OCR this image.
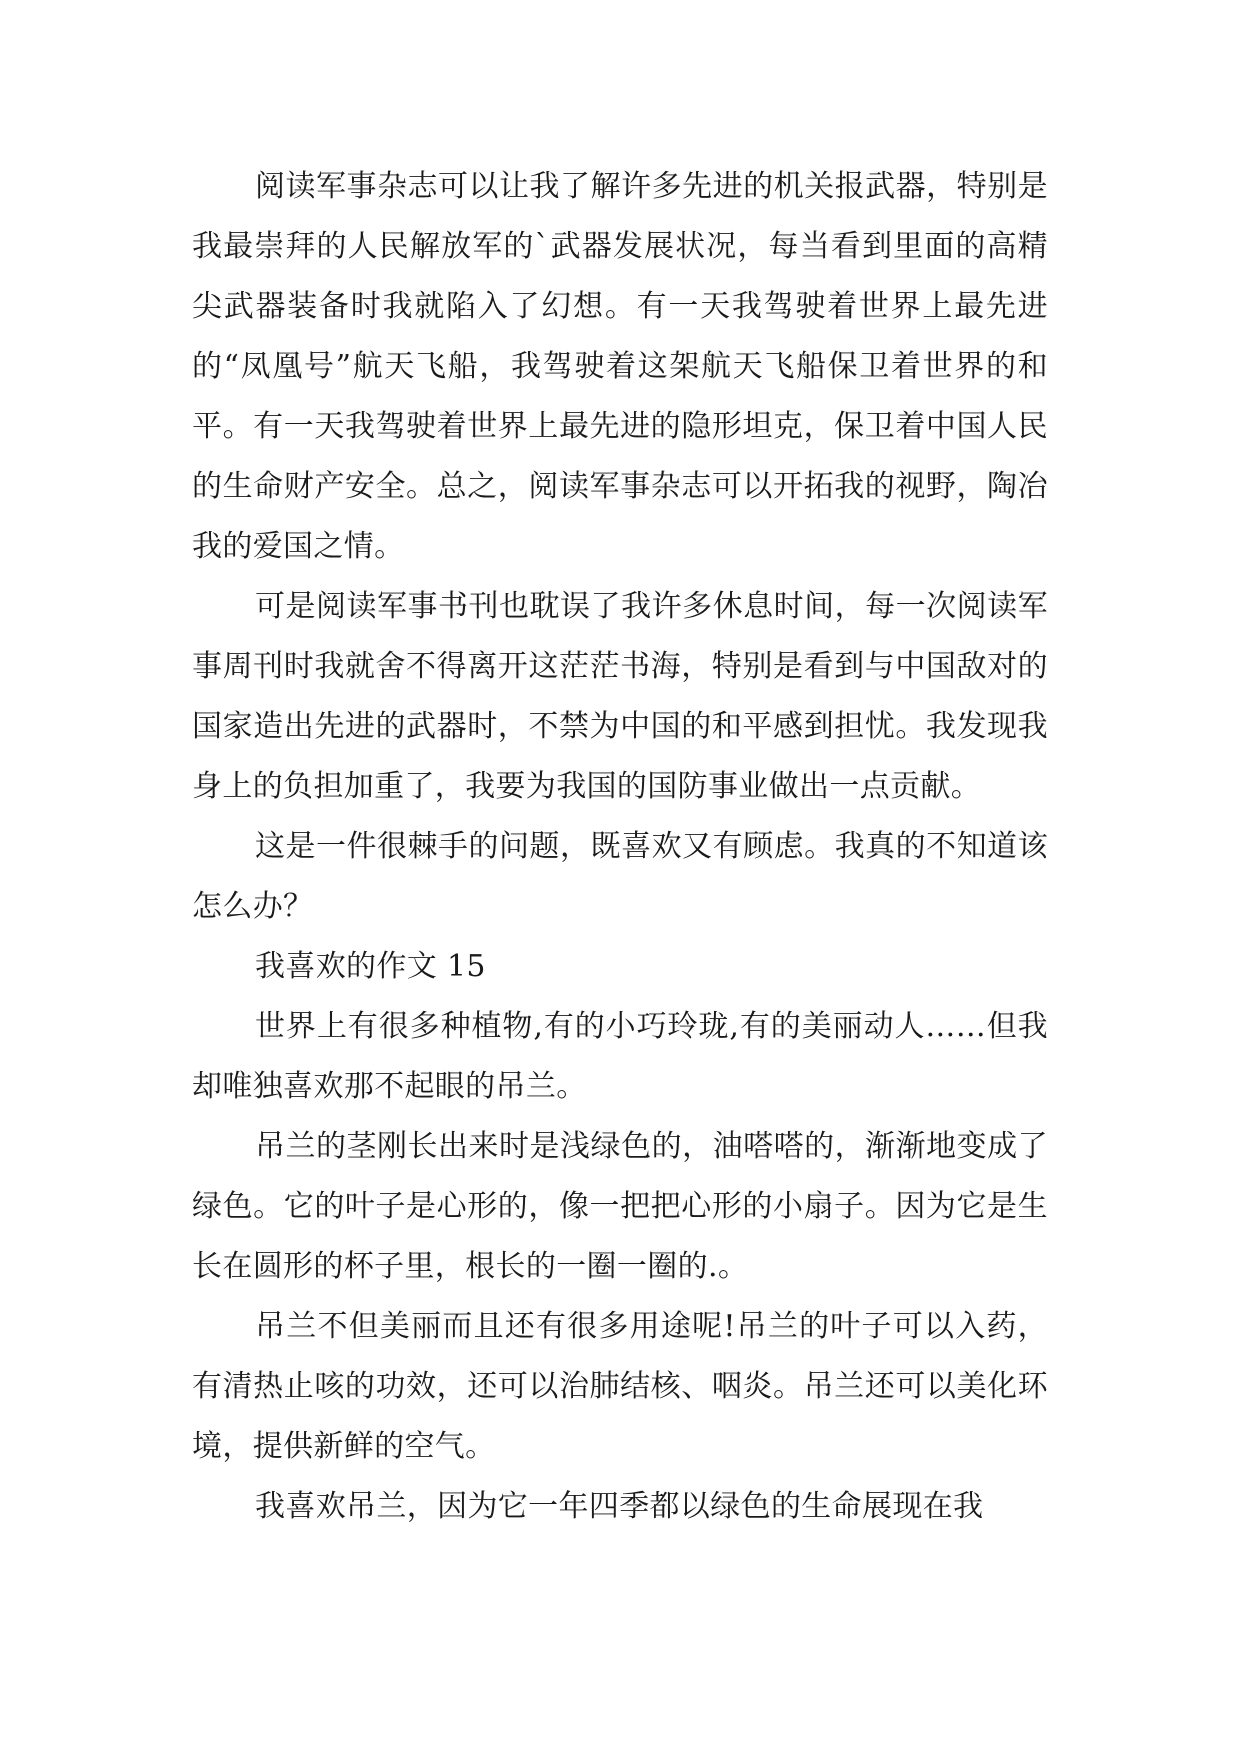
阅读军事杂志可以让我了解许多先进的机关报武器，特别是我最崇拜的人民解放军的`武器发展状况，每当看到里面的高精尖武器装备时我就陷入了幻想。有一天我驾驶着世界上最先进的“凤凰号”航天飞船，我驾驶着这架航天飞船保卫着世界的和平。有一天我驾驶着世界上最先进的隐形坦克，保卫着中国人民的生命财产安全。总之，阅读军事杂志可以开拓我的视野，陶冶我的爱国之情。

可是阅读军事书刊也耽误了我许多休息时间，每一次阅读军事周刊时我就舍不得离开这茫茫书海，特别是看到与中国敌对的国家造出先进的武器时，不禁为中国的和平感到担忧。我发现我身上的负担加重了，我要为我国的国防事业做出一点贡献。

这是一件很棘手的问题，既喜欢又有顾虑。我真的不知道该怎么办？

我喜欢的作文 15

世界上有很多种植物,有的小巧玲珑,有的美丽动人……但我却唯独喜欢那不起眼的吊兰。

吊兰的茎刚长出来时是浅绿色的，油嗒嗒的，渐渐地变成了绿色。它的叶子是心形的，像一把把心形的小扇子。因为它是生长在圆形的杯子里，根长的一圈一圈的.。

吊兰不但美丽而且还有很多用途呢!吊兰的叶子可以入药，有清热止咳的功效，还可以治肺结核、咽炎。吊兰还可以美化环境，提供新鲜的空气。

我喜欢吊兰，因为它一年四季都以绿色的生命展现在我
